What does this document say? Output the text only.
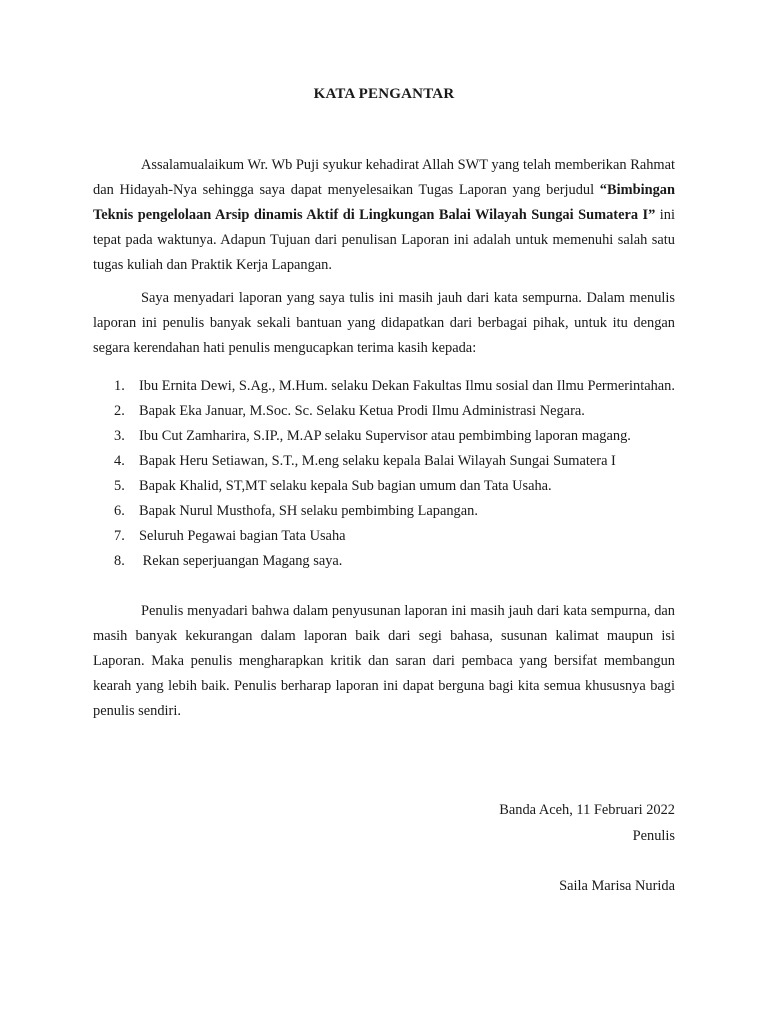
KATA PENGANTAR

Assalamualaikum Wr. Wb Puji syukur kehadirat Allah SWT yang telah memberikan Rahmat dan Hidayah-Nya sehingga saya dapat menyelesaikan Tugas Laporan yang berjudul “Bimbingan Teknis pengelolaan Arsip dinamis Aktif di Lingkungan Balai Wilayah Sungai Sumatera I” ini tepat pada waktunya. Adapun Tujuan dari penulisan Laporan ini adalah untuk memenuhi salah satu tugas kuliah dan Praktik Kerja Lapangan.

Saya menyadari laporan yang saya tulis ini masih jauh dari kata sempurna. Dalam menulis laporan ini penulis banyak sekali bantuan yang didapatkan dari berbagai pihak, untuk itu dengan segara kerendahan hati penulis mengucapkan terima kasih kepada:

1. Ibu Ernita Dewi, S.Ag., M.Hum. selaku Dekan Fakultas Ilmu sosial dan Ilmu Permerintahan.
2. Bapak Eka Januar, M.Soc. Sc. Selaku Ketua Prodi Ilmu Administrasi Negara.
3. Ibu Cut Zamharira, S.IP., M.AP selaku Supervisor atau pembimbing laporan magang.
4. Bapak Heru Setiawan, S.T., M.eng selaku kepala Balai Wilayah Sungai Sumatera I
5. Bapak Khalid, ST,MT selaku kepala Sub bagian umum dan Tata Usaha.
6. Bapak Nurul Musthofa, SH selaku pembimbing Lapangan.
7. Seluruh Pegawai bagian Tata Usaha
8. Rekan seperjuangan Magang saya.

Penulis menyadari bahwa dalam penyusunan laporan ini masih jauh dari kata sempurna, dan masih banyak kekurangan dalam laporan baik dari segi bahasa, susunan kalimat maupun isi Laporan. Maka penulis mengharapkan kritik dan saran dari pembaca yang bersifat membangun kearah yang lebih baik. Penulis berharap laporan ini dapat berguna bagi kita semua khususnya bagi penulis sendiri.

Banda Aceh, 11 Februari 2022
Penulis
Saila Marisa Nurida
